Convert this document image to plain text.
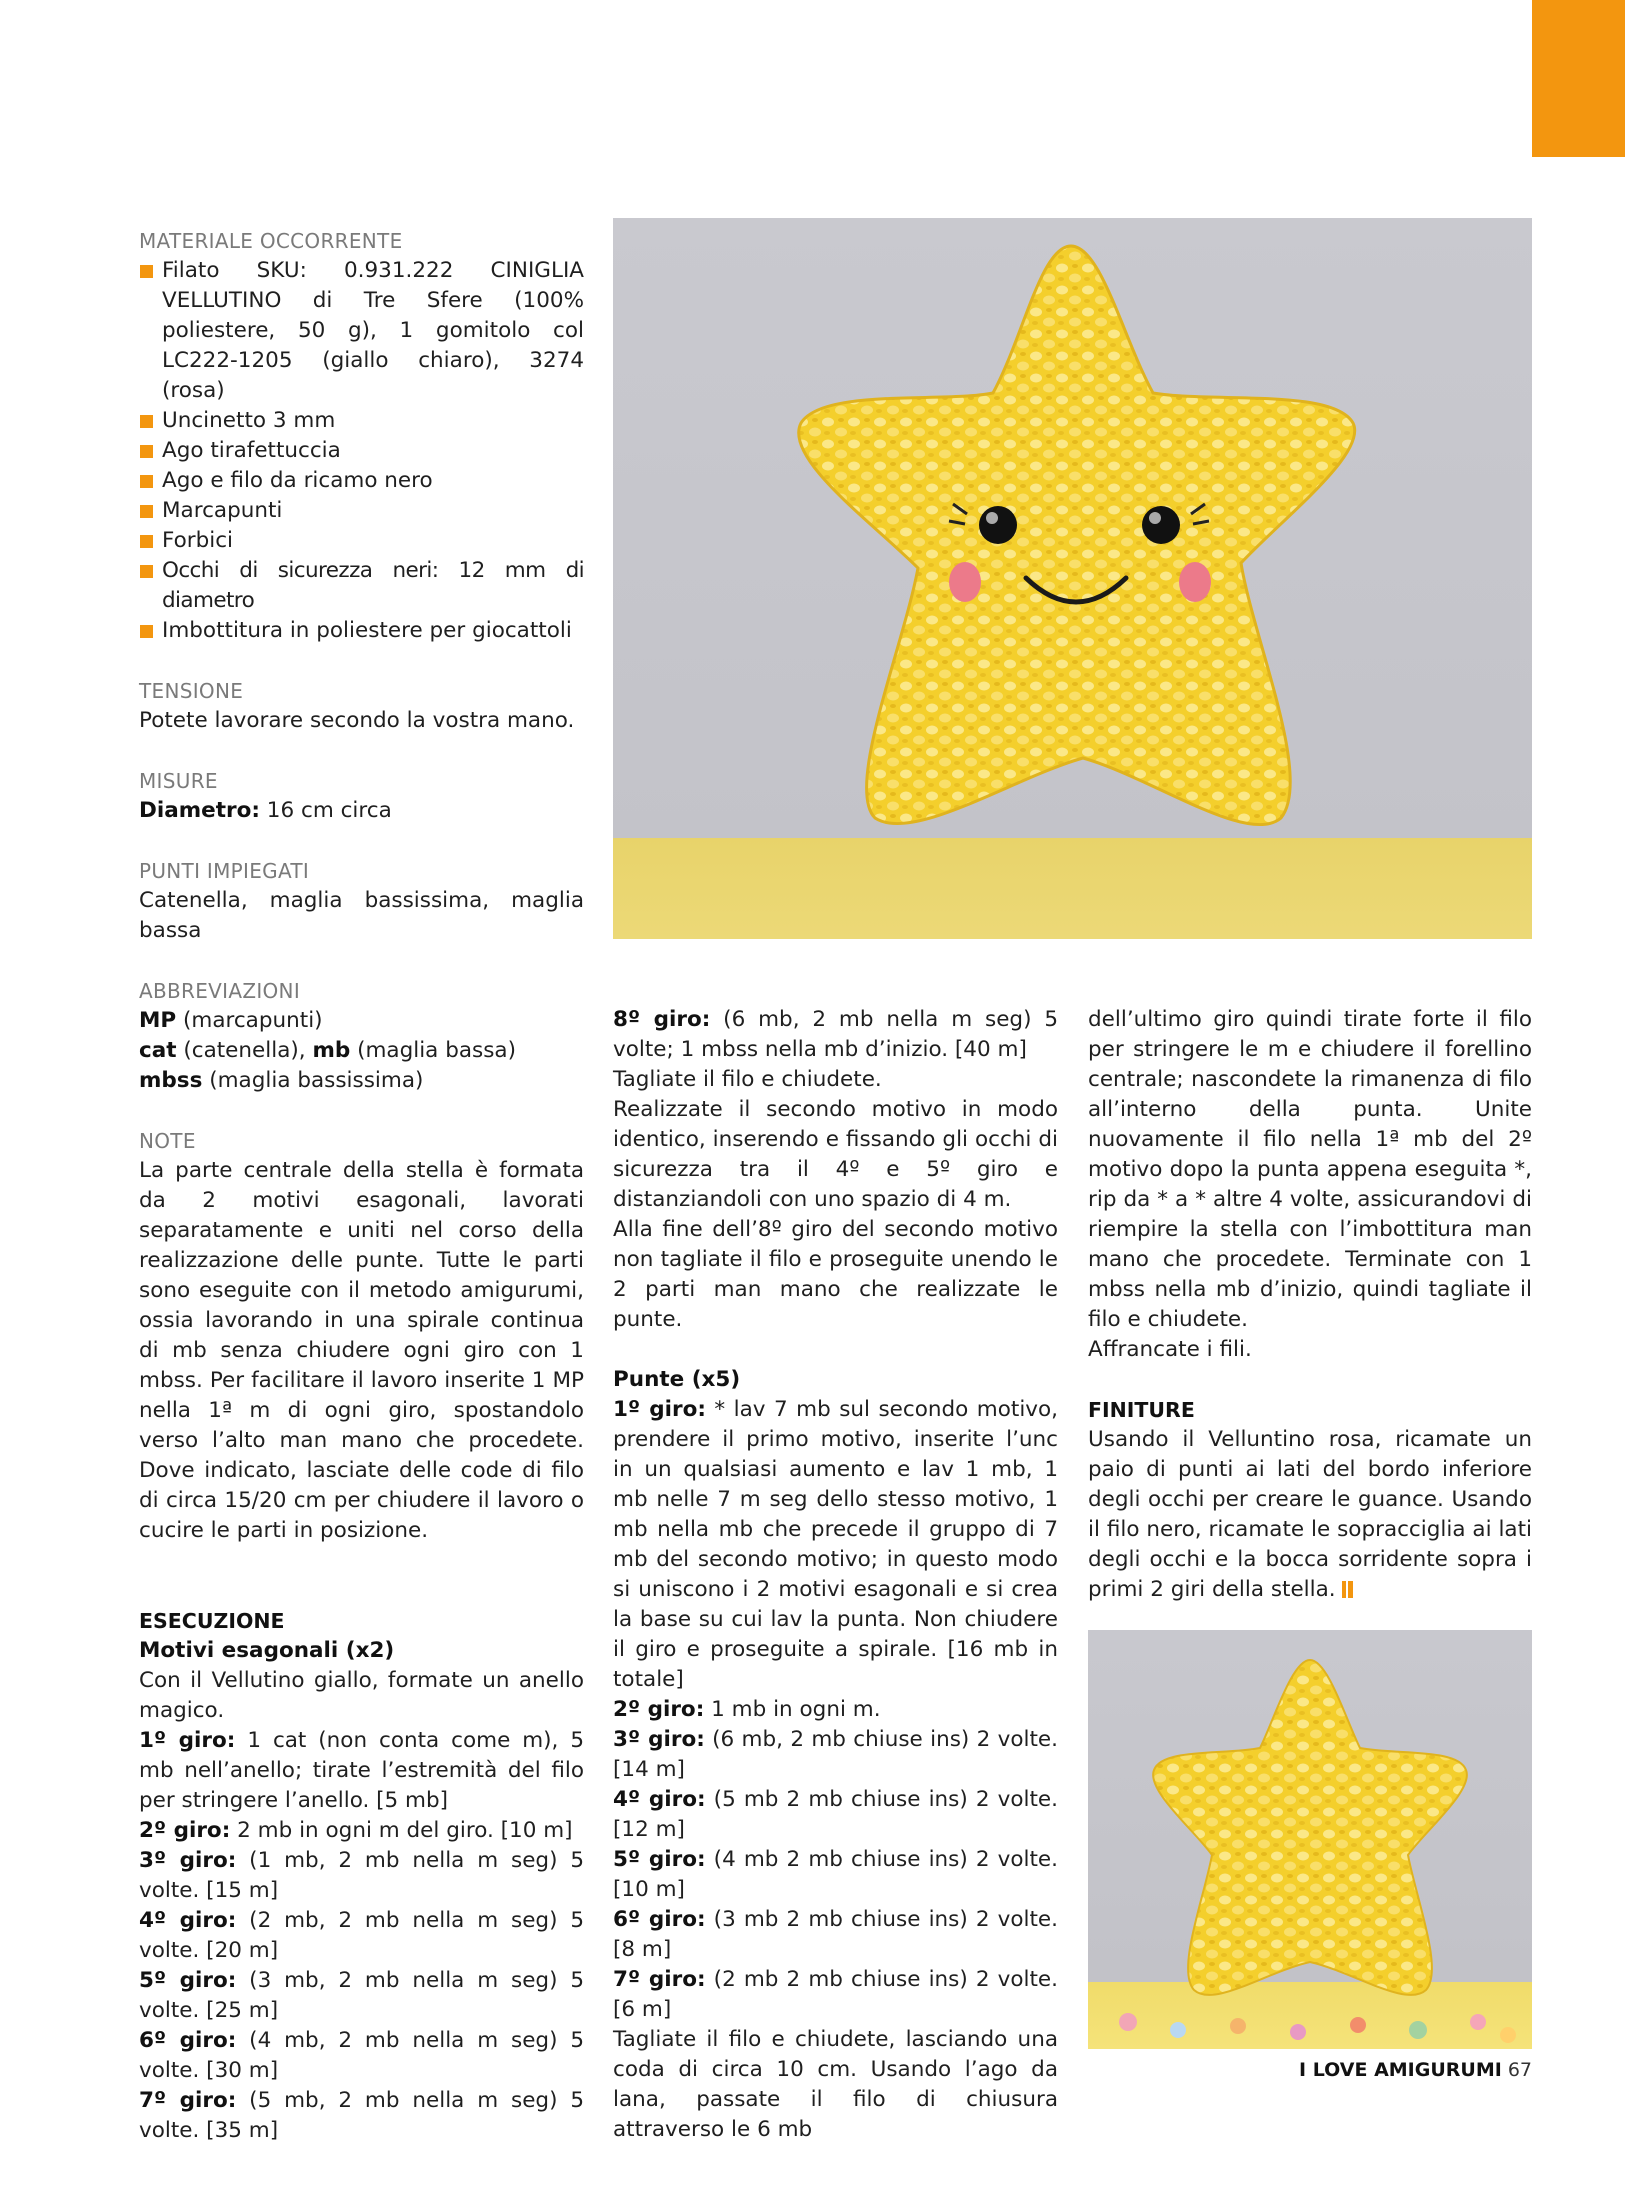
MATERIALE OCCORRENTE

Filato SKU: 0.931.222 CINIGLIA VELLUTINO di Tre Sfere (100% poliestere, 50 g), 1 gomitolo col LC222-1205 (giallo chiaro), 3274 (rosa)
Uncinetto 3 mm
Ago tirafettuccia
Ago e filo da ricamo nero
Marcapunti
Forbici
Occhi di sicurezza neri: 12 mm di diametro
Imbottitura in poliestere per giocattoli

TENSIONE

Potete lavorare secondo la vostra mano.

MISURE

Diametro: 16 cm circa

PUNTI IMPIEGATI

Catenella, maglia bassissima, maglia bassa

ABBREVIAZIONI

MP (marcapunti)

cat (catenella), mb (maglia bassa)

mbss (maglia bassissima)

NOTE

La parte centrale della stella è formata da 2 motivi esagonali, lavorati separatamente e uniti nel corso della realizzazione delle punte. Tutte le parti sono eseguite con il metodo amigurumi, ossia lavorando in una spirale continua di mb senza chiudere ogni giro con 1 mbss. Per facilitare il lavoro inserite 1 MP nella 1ª m di ogni giro, spostandolo verso l’alto man mano che procedete. Dove indicato, lasciate delle code di filo di circa 15/20 cm per chiudere il lavoro o cucire le parti in posizione.

ESECUZIONE

Motivi esagonali (x2)

Con il Vellutino giallo, formate un anello magico.

1º giro: 1 cat (non conta come m), 5 mb nell’anello; tirate l’estremità del filo per stringere l’anello. [5 mb]

2º giro: 2 mb in ogni m del giro. [10 m]

3º giro: (1 mb, 2 mb nella m seg) 5 volte. [15 m]

4º giro: (2 mb, 2 mb nella m seg) 5 volte. [20 m]

5º giro: (3 mb, 2 mb nella m seg) 5 volte. [25 m]

6º giro: (4 mb, 2 mb nella m seg) 5 volte. [30 m]

7º giro: (5 mb, 2 mb nella m seg) 5 volte. [35 m]

8º giro: (6 mb, 2 mb nella m seg) 5 volte; 1 mbss nella mb d’inizio. [40 m]

Tagliate il filo e chiudete.

Realizzate il secondo motivo in modo identico, inserendo e fissando gli occhi di sicurezza tra il 4º e 5º giro e distanziandoli con uno spazio di 4 m.

Alla fine dell’8º giro del secondo motivo non tagliate il filo e proseguite unendo le 2 parti man mano che realizzate le punte.

Punte (x5)

1º giro: * lav 7 mb sul secondo motivo, prendere il primo motivo, inserite l’unc in un qualsiasi aumento e lav 1 mb, 1 mb nelle 7 m seg dello stesso motivo, 1 mb nella mb che precede il gruppo di 7 mb del secondo motivo; in questo modo si uniscono i 2 motivi esagonali e si crea la base su cui lav la punta. Non chiudere il giro e proseguite a spirale. [16 mb in totale]

2º giro: 1 mb in ogni m.

3º giro: (6 mb, 2 mb chiuse ins) 2 volte. [14 m]

4º giro: (5 mb 2 mb chiuse ins) 2 volte. [12 m]

5º giro: (4 mb 2 mb chiuse ins) 2 volte. [10 m]

6º giro: (3 mb 2 mb chiuse ins) 2 volte. [8 m]

7º giro: (2 mb 2 mb chiuse ins) 2 volte. [6 m]

Tagliate il filo e chiudete, lasciando una coda di circa 10 cm. Usando l’ago da lana, passate il filo di chiusura attraverso le 6 mb

dell’ultimo giro quindi tirate forte il filo per stringere le m e chiudere il forellino centrale; nascondete la rimanenza di filo all’interno della punta. Unite nuovamente il filo nella 1ª mb del 2º motivo dopo la punta appena eseguita *, rip da * a * altre 4 volte, assicurandovi di riempire la stella con l’imbottitura man mano che procedete. Terminate con 1 mbss nella mb d’inizio, quindi tagliate il filo e chiudete.

Affrancate i fili.

FINITURE

Usando il Velluntino rosa, ricamate un paio di punti ai lati del bordo inferiore degli occhi per creare le guance. Usando il filo nero, ricamate le sopracciglia ai lati degli occhi e la bocca sorridente sopra i primi 2 giri della stella.

I LOVE AMIGURUMI 67
